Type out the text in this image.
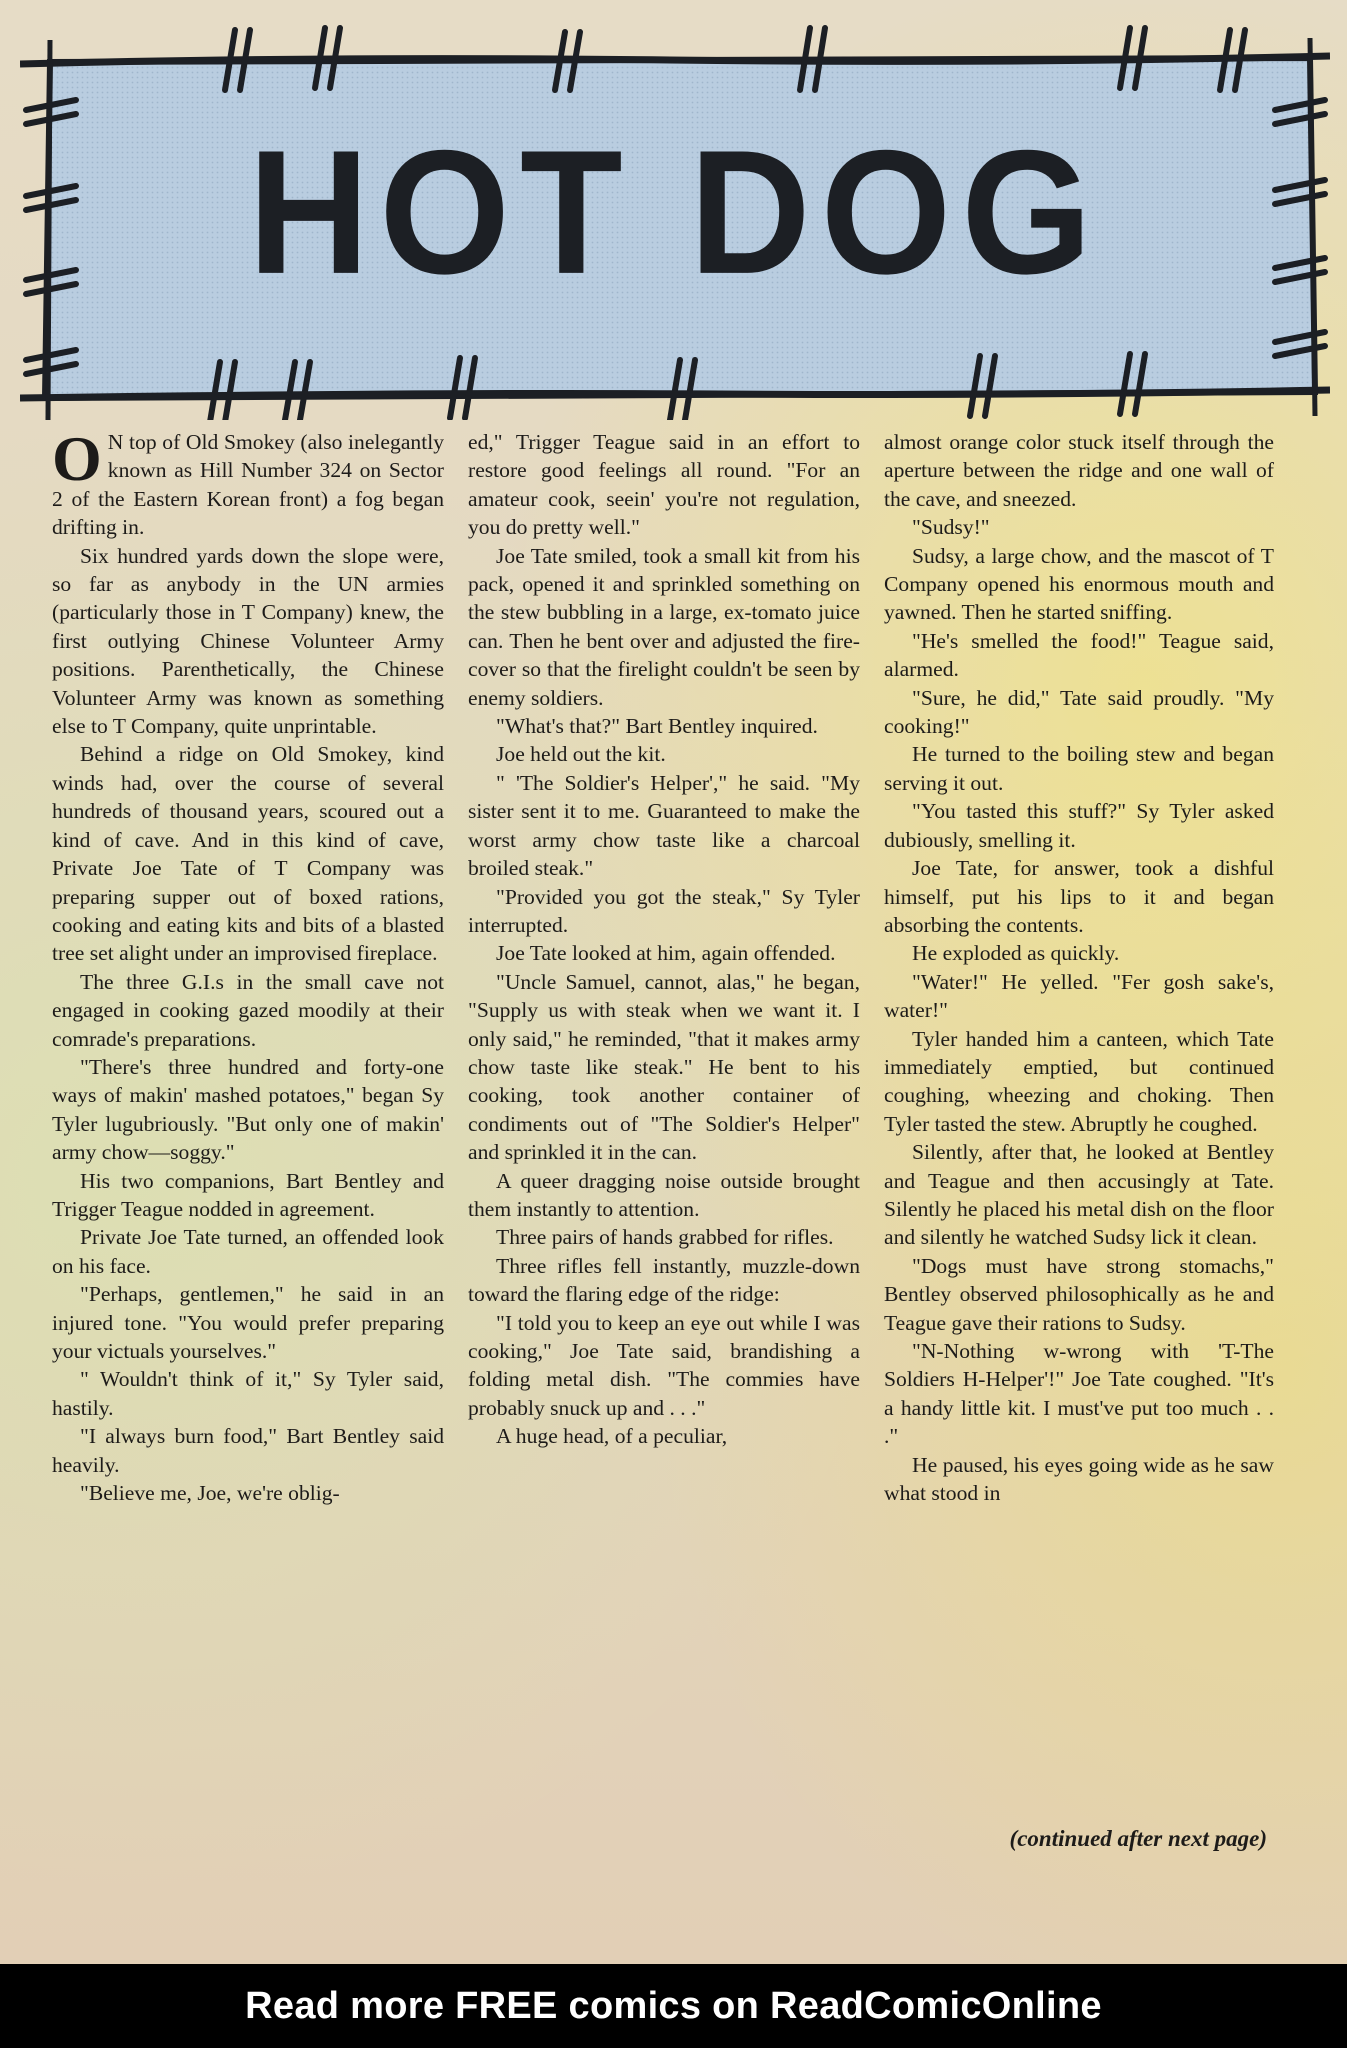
HOT DOG

O N top of Old Smokey (also inelegantly known as Hill Number 324 on Sector 2 of the Eastern Korean front) a fog began drifting in.

Six hundred yards down the slope were, so far as anybody in the UN armies (particularly those in T Company) knew, the first outlying Chinese Volunteer Army positions. Parenthetically, the Chinese Volunteer Army was known as something else to T Company, quite unprintable.

Behind a ridge on Old Smokey, kind winds had, over the course of several hundreds of thousand years, scoured out a kind of cave. And in this kind of cave, Private Joe Tate of T Company was preparing supper out of boxed rations, cooking and eating kits and bits of a blasted tree set alight under an improvised fireplace.

The three G.I.s in the small cave not engaged in cooking gazed moodily at their comrade's preparations.

"There's three hundred and forty-one ways of makin' mashed potatoes," began Sy Tyler lugubriously. "But only one of makin' army chow—soggy."

His two companions, Bart Bentley and Trigger Teague nodded in agreement.

Private Joe Tate turned, an offended look on his face.

"Perhaps, gentlemen," he said in an injured tone. "You would prefer preparing your victuals yourselves."

" Wouldn't think of it," Sy Tyler said, hastily.

"I always burn food," Bart Bentley said heavily.

"Believe me, Joe, we're oblig-

ed," Trigger Teague said in an effort to restore good feelings all round. "For an amateur cook, seein' you're not regulation, you do pretty well."

Joe Tate smiled, took a small kit from his pack, opened it and sprinkled something on the stew bubbling in a large, ex-tomato juice can. Then he bent over and adjusted the fire-cover so that the firelight couldn't be seen by enemy soldiers.

"What's that?" Bart Bentley inquired.

Joe held out the kit.

" 'The Soldier's Helper'," he said. "My sister sent it to me. Guaranteed to make the worst army chow taste like a charcoal broiled steak."

"Provided you got the steak," Sy Tyler interrupted.

Joe Tate looked at him, again offended.

"Uncle Samuel, cannot, alas," he began, "Supply us with steak when we want it. I only said," he reminded, "that it makes army chow taste like steak." He bent to his cooking, took another container of condiments out of "The Soldier's Helper" and sprinkled it in the can.

A queer dragging noise outside brought them instantly to attention.

Three pairs of hands grabbed for rifles.

Three rifles fell instantly, muzzle-down toward the flaring edge of the ridge:

"I told you to keep an eye out while I was cooking," Joe Tate said, brandishing a folding metal dish. "The commies have probably snuck up and . . ."

A huge head, of a peculiar,

almost orange color stuck itself through the aperture between the ridge and one wall of the cave, and sneezed.

"Sudsy!"

Sudsy, a large chow, and the mascot of T Company opened his enormous mouth and yawned. Then he started sniffing.

"He's smelled the food!" Teague said, alarmed.

"Sure, he did," Tate said proudly. "My cooking!"

He turned to the boiling stew and began serving it out.

"You tasted this stuff?" Sy Tyler asked dubiously, smelling it.

Joe Tate, for answer, took a dishful himself, put his lips to it and began absorbing the contents.

He exploded as quickly.

"Water!" He yelled. "Fer gosh sake's, water!"

Tyler handed him a canteen, which Tate immediately emptied, but continued coughing, wheezing and choking. Then Tyler tasted the stew. Abruptly he coughed.

Silently, after that, he looked at Bentley and Teague and then accusingly at Tate. Silently he placed his metal dish on the floor and silently he watched Sudsy lick it clean.

"Dogs must have strong stomachs," Bentley observed philosophically as he and Teague gave their rations to Sudsy.

"N-Nothing w-wrong with 'T-The Soldiers H-Helper'!" Joe Tate coughed. "It's a handy little kit. I must've put too much . . ."

He paused, his eyes going wide as he saw what stood in

(continued after next page)
Read more FREE comics on ReadComicOnline
